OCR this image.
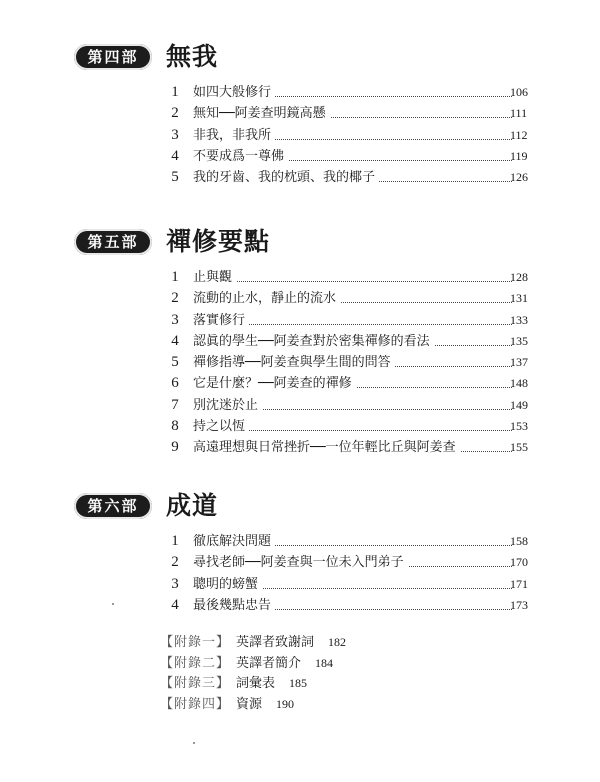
第四部	無我
1 如四大般修行	106
2 無知──阿姜查明鏡高懸	111
3 非我，非我所	112
4 不要成爲一尊佛	119
5 我的牙齒、我的枕頭、我的椰子	126
第五部	禪修要點
1 止與觀	128
2 流動的止水，靜止的流水	131
3 落實修行	133
4 認眞的學生──阿姜查對於密集禪修的看法	135
5 禪修指導──阿姜查與學生間的問答	137
6 它是什麼？──阿姜查的禪修	148
7 別沈迷於止	149
8 持之以恆	153
9 高遠理想與日常挫折──一位年輕比丘與阿姜查	155
第六部	成道
1 徹底解決問題	158
2 尋找老師──阿姜查與一位未入門弟子	170
3 聰明的螃蟹	171
4 最後幾點忠告	173
【附錄一】 英譯者致謝詞 182
【附錄二】 英譯者簡介 184
【附錄三】 詞彙表 185
【附錄四】 資源 190
